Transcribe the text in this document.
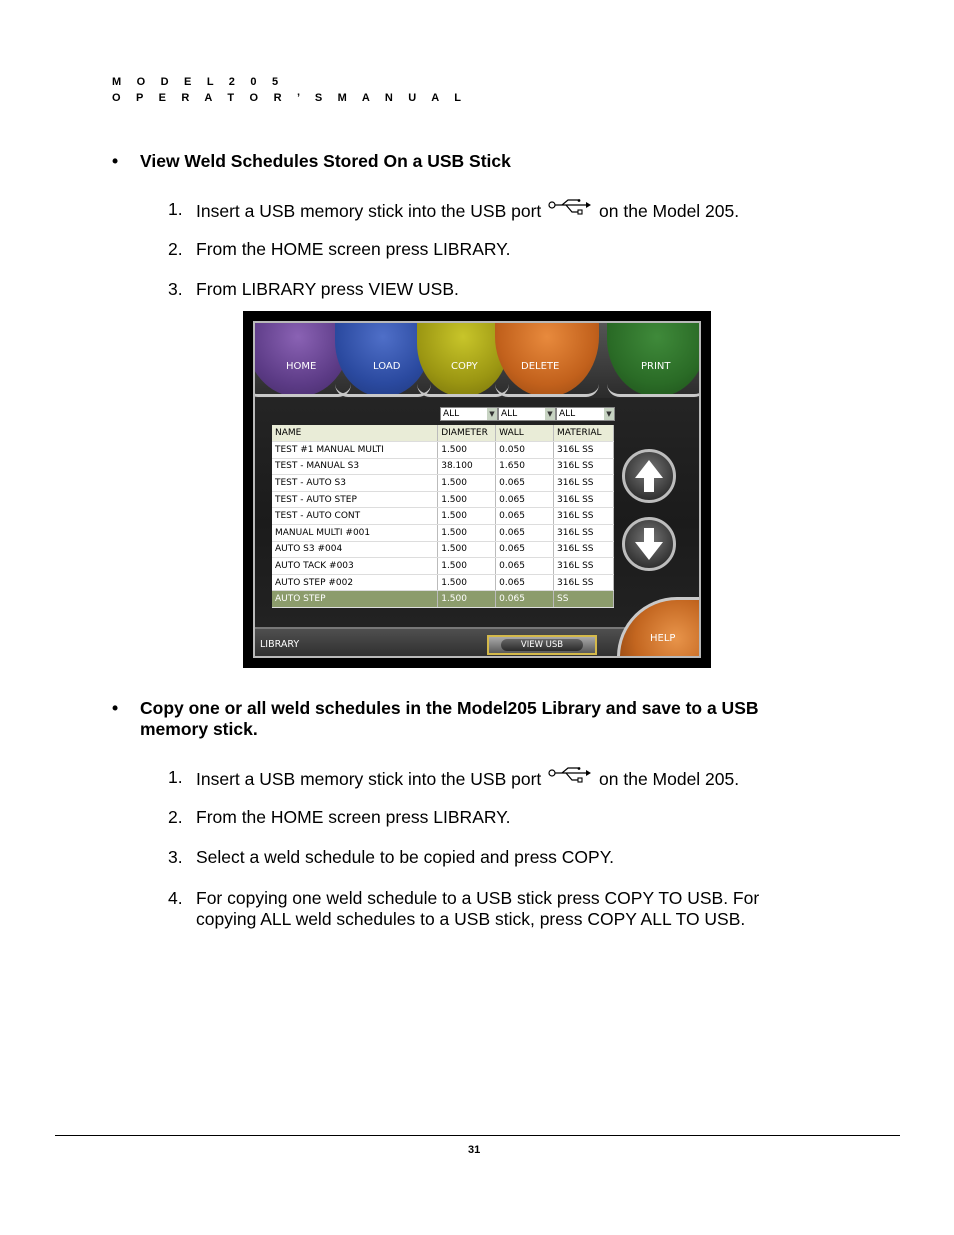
M O D E L 2 0 5
O P E R A T O R ’ S M A N U A L
• View Weld Schedules Stored On a USB Stick
1. Insert a USB memory stick into the USB port	on the Model 205.
2. From the HOME screen press LIBRARY.
3. From LIBRARY press VIEW USB.
HOME	LOAD	COPY	DELETE	PRINT
ALL	▼ ALL	▼ ALL	▼
NAME	DIAMETER	WALL	MATERIAL
TEST #1 MANUAL MULTI	1.500	0.050	316L SS
TEST - MANUAL S3	38.100	1.650	316L SS
TEST - AUTO S3	1.500	0.065	316L SS
TEST - AUTO STEP	1.500	0.065	316L SS
TEST - AUTO CONT	1.500	0.065	316L SS
MANUAL MULTI #001	1.500	0.065	316L SS
AUTO S3 #004	1.500	0.065	316L SS
AUTO TACK #003	1.500	0.065	316L SS
AUTO STEP #002	1.500	0.065	316L SS
AUTO STEP	1.500	0.065	SS
LIBRARY	VIEW USB
HELP
• Copy one or all weld schedules in the Model205 Library and save to a USB memory stick.
1. Insert a USB memory stick into the USB port	on the Model 205.
2. From the HOME screen press LIBRARY.
3. Select a weld schedule to be copied and press COPY.
4. For copying one weld schedule to a USB stick press COPY TO USB. For copying ALL weld schedules to a USB stick, press COPY ALL TO USB.
31
